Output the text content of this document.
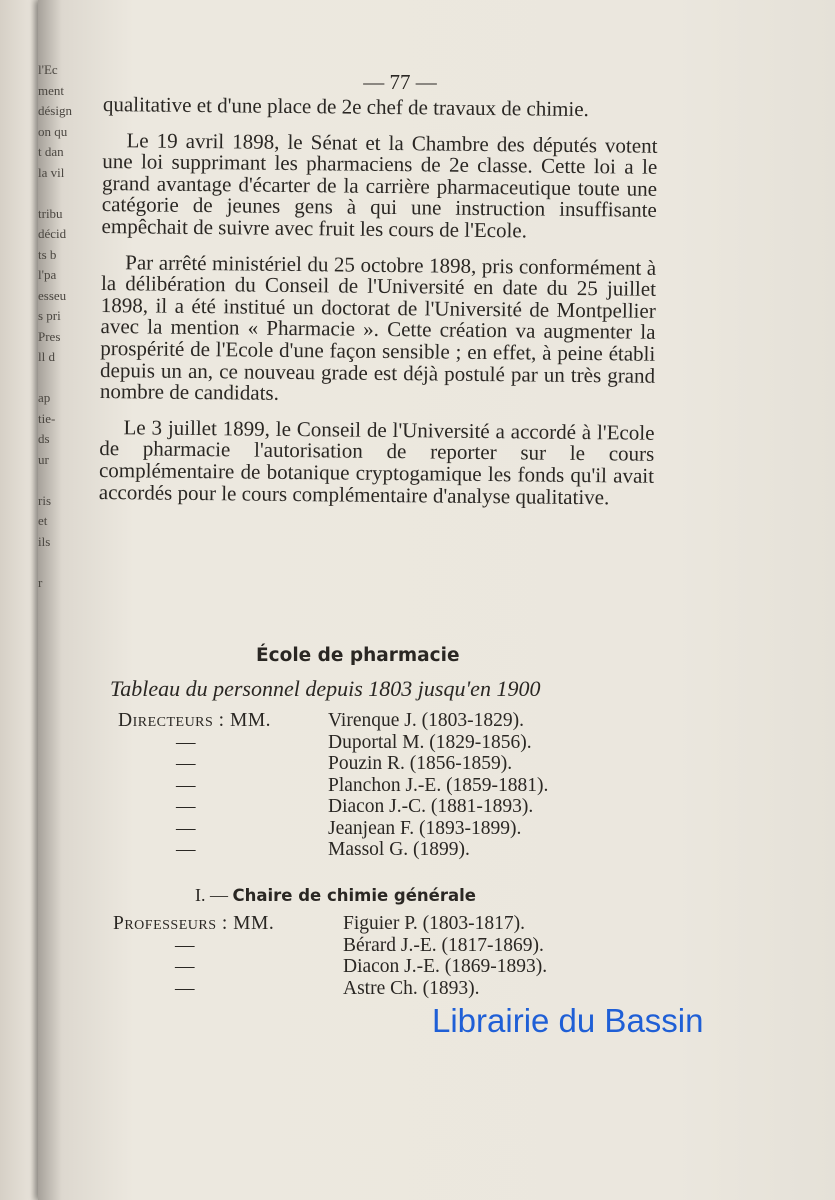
l'Ec
ment
désign
on qu
t dan
la vil

tribu
décid
ts b
l'pa
esseu
s pri
Pres
ll d

ap
tie-
ds
ur

ris
et
ils

r

— 77 —

qualitative et d'une place de 2e chef de travaux de chimie.

Le 19 avril 1898, le Sénat et la Chambre des députés votent une loi supprimant les pharmaciens de 2e classe. Cette loi a le grand avantage d'écarter de la carrière pharmaceutique toute une catégorie de jeunes gens à qui une instruction insuffisante empêchait de suivre avec fruit les cours de l'Ecole.

Par arrêté ministériel du 25 octobre 1898, pris conformément à la délibération du Conseil de l'Université en date du 25 juillet 1898, il a été institué un doctorat de l'Université de Montpellier avec la mention « Pharmacie ». Cette création va augmenter la prospérité de l'Ecole d'une façon sensible ; en effet, à peine établi depuis un an, ce nouveau grade est déjà postulé par un très grand nombre de candidats.

Le 3 juillet 1899, le Conseil de l'Université a accordé à l'Ecole de pharmacie l'autorisation de reporter sur le cours complémentaire de botanique cryptogamique les fonds qu'il avait accordés pour le cours complémentaire d'analyse qualitative.

École de pharmacie
Tableau du personnel depuis 1803 jusqu'en 1900
Directeurs : MM.	Virenque J. (1803-1829).
—	Duportal M. (1829-1856).
—	Pouzin R. (1856-1859).
—	Planchon J.-E. (1859-1881).
—	Diacon J.-C. (1881-1893).
—	Jeanjean F. (1893-1899).
—	Massol G. (1899).
I. — Chaire de chimie générale
Professeurs : MM.	Figuier P. (1803-1817).
—	Bérard J.-E. (1817-1869).
—	Diacon J.-E. (1869-1893).
—	Astre Ch. (1893).
Librairie du Bassin
